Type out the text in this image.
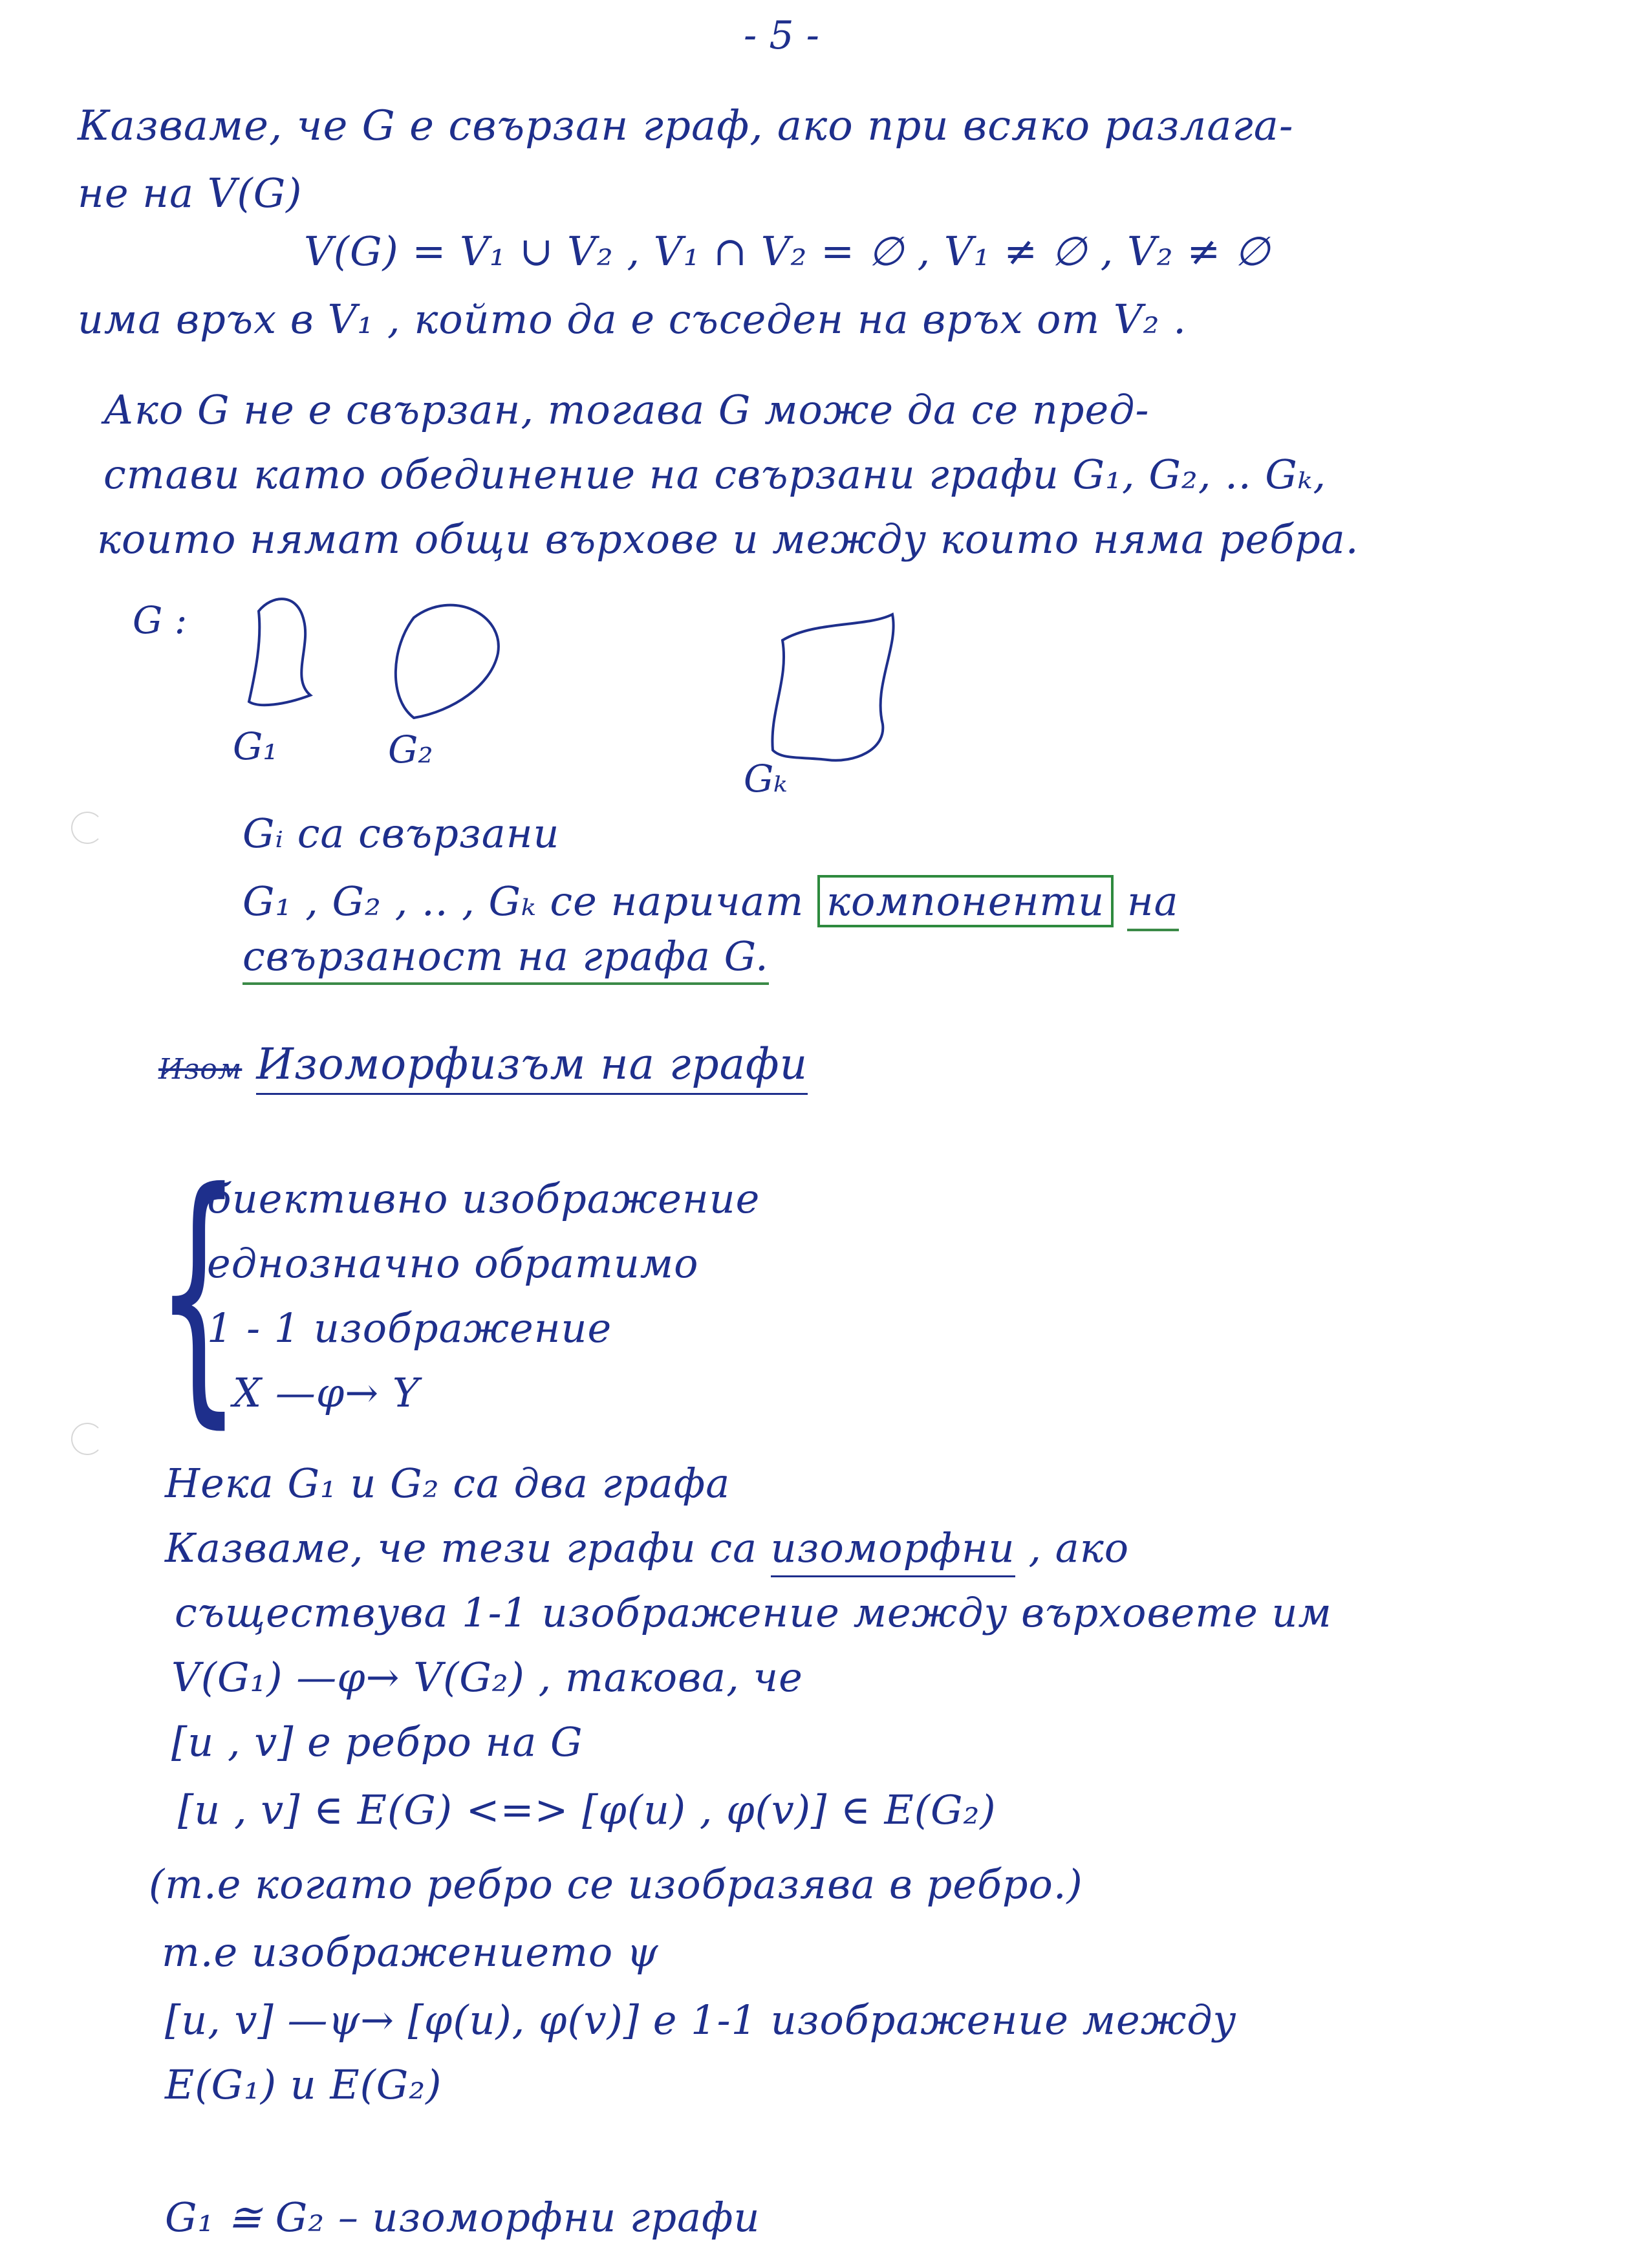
- 5 -
Казваме, че G е свързан граф, ако при всяко разлага-
не на V(G)
V(G) = V₁ ∪ V₂ , V₁ ∩ V₂ = ∅ , V₁ ≠ ∅ , V₂ ≠ ∅
има връх в V₁ , който да е съседен на връх от V₂ .
Ако G не е свързан, тогава G може да се пред-
стави като обединение на свързани графи G₁, G₂, .. Gₖ,
които нямат общи върхове и между които няма ребра.
G :
G₁	G₂
Gₖ
Gᵢ са свързани
G₁ , G₂ , .. , Gₖ се наричат компоненти на
свързаност на графа G.
Изом Изоморфизъм на графи
{
биективно изображение
еднозначно обратимо
1 - 1 изображение
X —φ→ Y
Нека G₁ и G₂ са два графа
Казваме, че тези графи са изоморфни , ако
съществува 1-1 изображение между върховете им
V(G₁) —φ→ V(G₂) , такова, че
[u , v] е ребро на G
[u , v] ∈ E(G) <=> [φ(u) , φ(v)] ∈ E(G₂)
(т.е когато ребро се изобразява в ребро.)
т.е изображението ψ
[u, v] —ψ→ [φ(u), φ(v)] е 1-1 изображение между
E(G₁) и E(G₂)
G₁ ≅ G₂ – изоморфни графи
